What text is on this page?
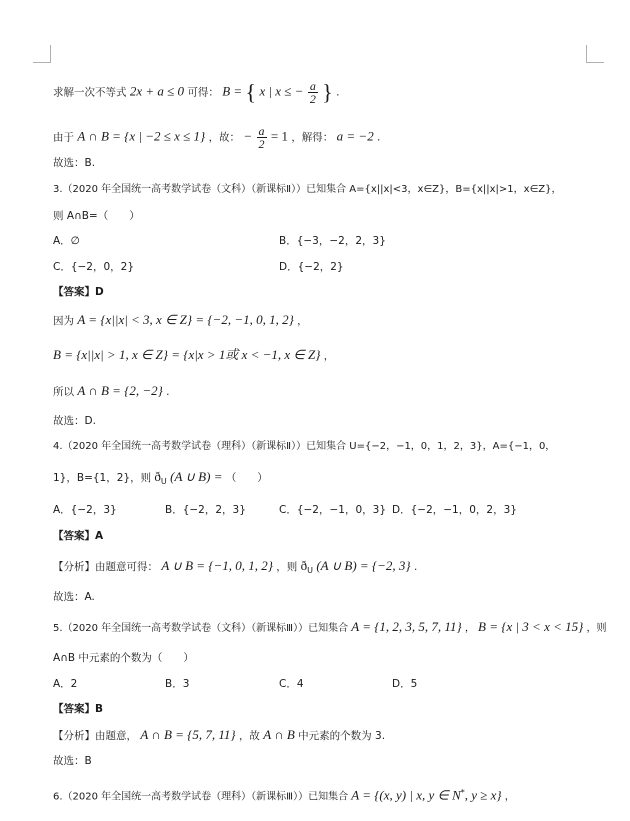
求解一次不等式 2x + a ≤ 0 可得： B = { x | x ≤ − $\frac{a}{2}$ } .
由于 A ∩ B = {x | −2 ≤ x ≤ 1} ，故： − $\frac{a}{2} = 1$ ，解得： a = −2 .
故选：B.
3.（2020 年全国统一高考数学试卷（文科）（新课标Ⅱ））已知集合 A={x||x|<3，x∈Z}，B={x||x|>1，x∈Z}，
则 A∩B=（　　）
A．∅	B．{−3，−2，2，3}
C．{−2，0，2}	D．{−2，2}
【答案】D
因为 A = {x||x| < 3, x ∈ Z} = {−2, −1, 0, 1, 2} ，
B = {x||x| > 1, x ∈ Z} = {x|x > 1或 x < −1, x ∈ Z} ，
所以 A ∩ B = {2, −2} .
故选：D.
4.（2020 年全国统一高考数学试卷（理科）（新课标Ⅱ））已知集合 U={−2，−1，0，1，2，3}，A={−1，0，
1}，B={1，2}，则 $ð_U$ (A ∪ B) = （　　）
A．{−2，3}	B．{−2，2，3}	C．{−2，−1，0，3} D．{−2，−1，0，2，3}
【答案】A
【分析】由题意可得： A ∪ B = {−1, 0, 1, 2} ，则 $ð_U$ (A ∪ B) = {−2, 3} .
故选：A.
5.（2020 年全国统一高考数学试卷（文科）（新课标Ⅲ））已知集合 A = {1, 2, 3, 5, 7, 11} ， B = {x | 3 < x < 15} ，则
A∩B 中元素的个数为（　　）
A．2	B．3	C．4	D．5
【答案】B
【分析】由题意， A ∩ B = {5, 7, 11} ，故 A ∩ B 中元素的个数为 3.
故选：B
6.（2020 年全国统一高考数学试卷（理科）（新课标Ⅲ））已知集合 A = {(x, y) | x, y ∈ N*, y ≥ x} ，
